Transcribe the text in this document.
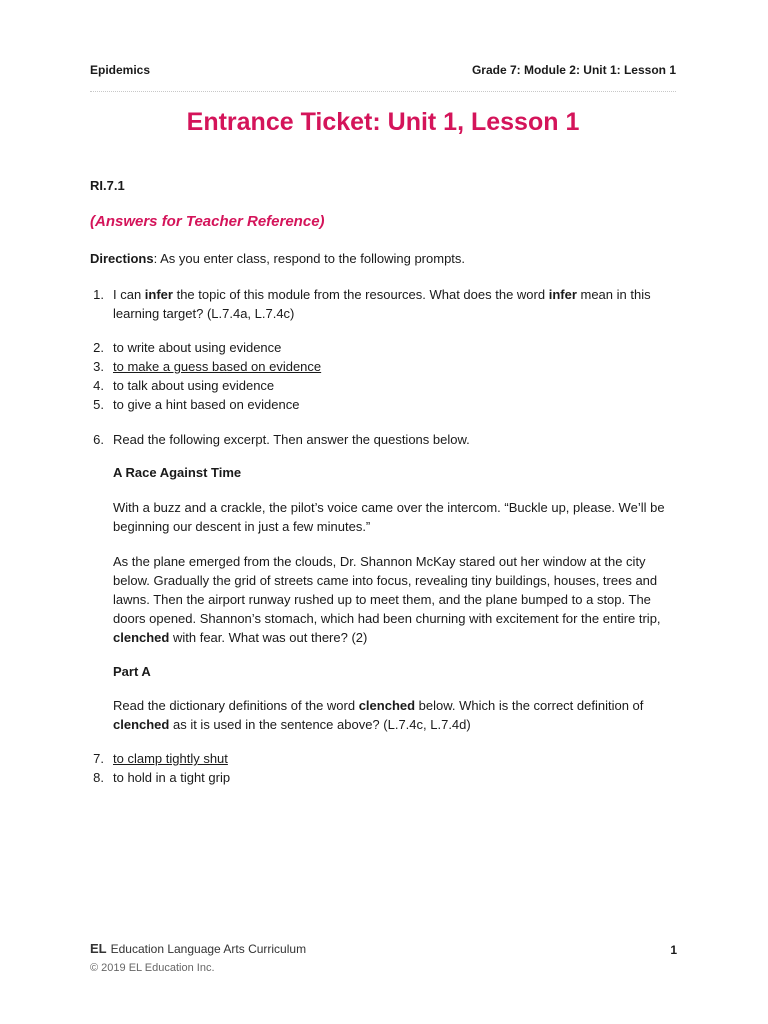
Epidemics	Grade 7: Module 2: Unit 1: Lesson 1
Entrance Ticket: Unit 1, Lesson 1
RI.7.1
(Answers for Teacher Reference)
Directions: As you enter class, respond to the following prompts.
1. I can infer the topic of this module from the resources. What does the word infer mean in this learning target? (L.7.4a, L.7.4c)
2. to write about using evidence
3. to make a guess based on evidence
4. to talk about using evidence
5. to give a hint based on evidence
6. Read the following excerpt. Then answer the questions below.
A Race Against Time
With a buzz and a crackle, the pilot’s voice came over the intercom. “Buckle up, please. We’ll be beginning our descent in just a few minutes.”
As the plane emerged from the clouds, Dr. Shannon McKay stared out her window at the city below. Gradually the grid of streets came into focus, revealing tiny buildings, houses, trees and lawns. Then the airport runway rushed up to meet them, and the plane bumped to a stop. The doors opened. Shannon’s stomach, which had been churning with excitement for the entire trip, clenched with fear. What was out there? (2)
Part A
Read the dictionary definitions of the word clenched below. Which is the correct definition of clenched as it is used in the sentence above? (L.7.4c, L.7.4d)
7. to clamp tightly shut
8. to hold in a tight grip
EL Education Language Arts Curriculum
© 2019 EL Education Inc.
1
